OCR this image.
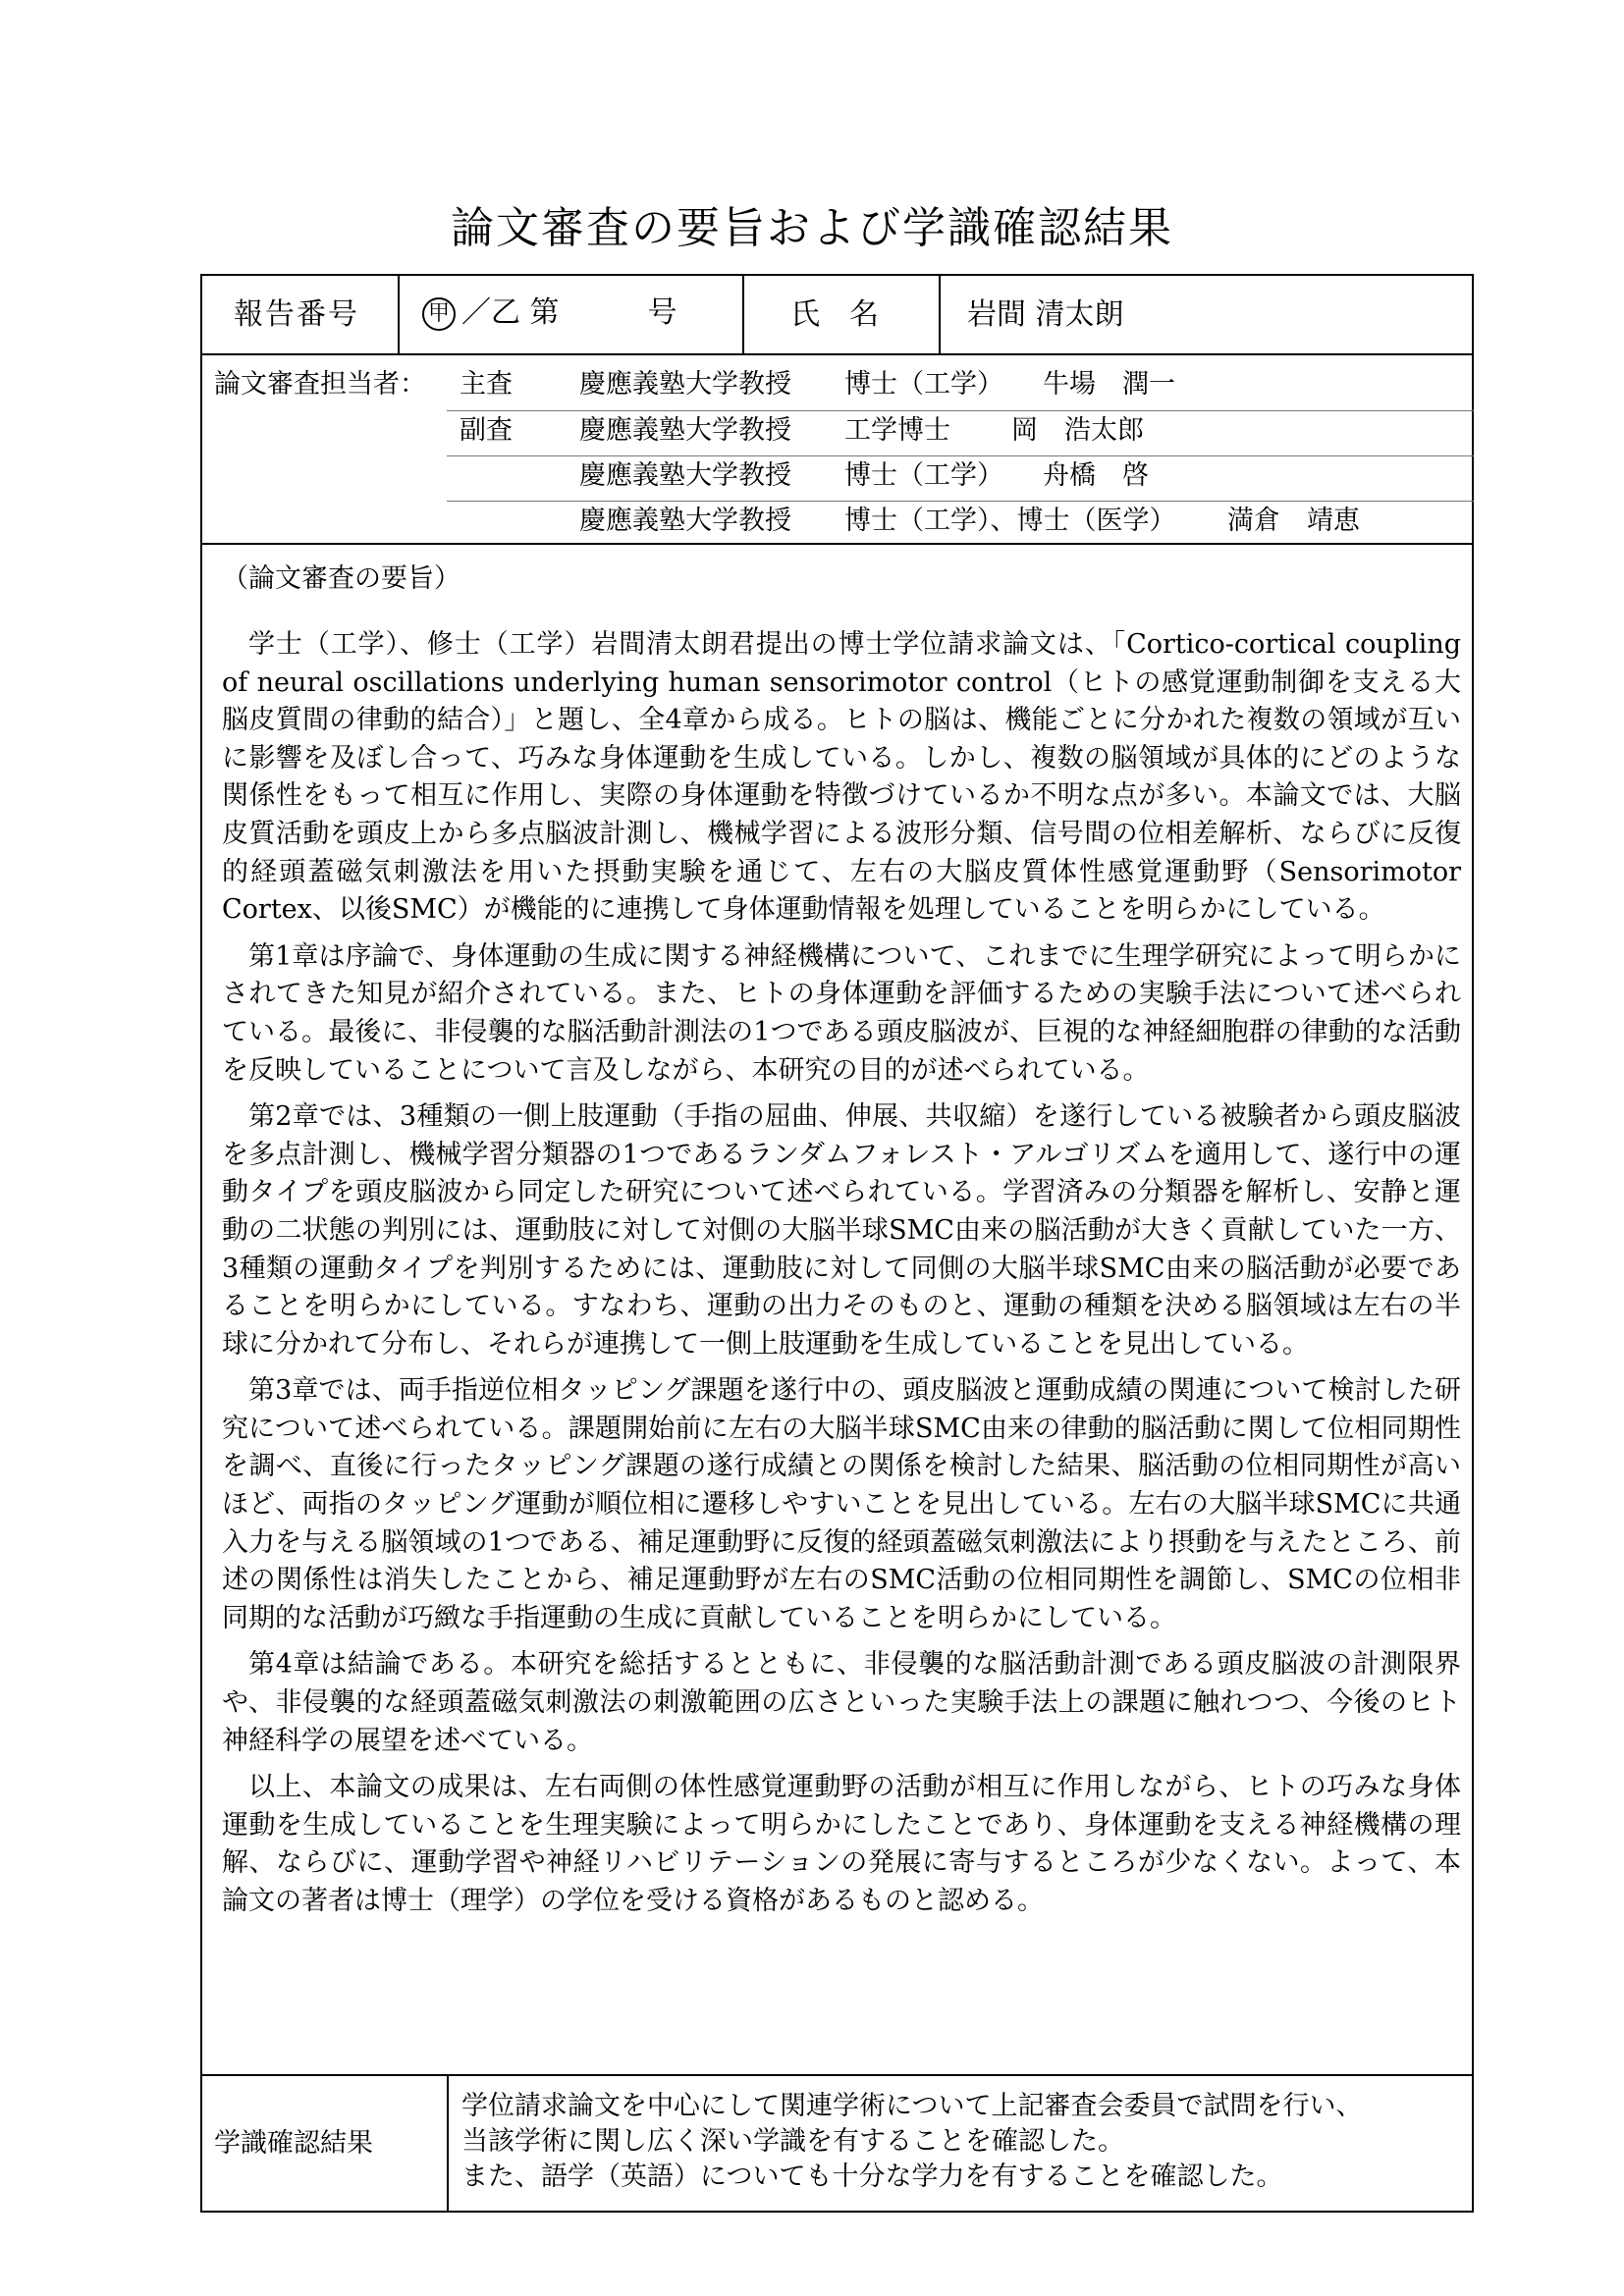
論文審査の要旨および学識確認結果
報告番号	甲 ／乙 第　　　号	氏　名	岩間 清太朗
論文審査担当者： 主査	慶應義塾大学教授 博士（工学） 牛場　潤一
副査	慶應義塾大学教授 工学博士 岡　浩太郎
慶應義塾大学教授 博士（工学） 舟橋　啓
慶應義塾大学教授 博士（工学）、博士（医学） 満倉　靖恵
（論文審査の要旨）

学士（工学）、修士（工学）岩間清太朗君提出の博士学位請求論文は、「Cortico-cortical coupling of neural oscillations underlying human sensorimotor control（ヒトの感覚運動制御を支える大脳皮質間の律動的結合）」と題し、全4章から成る。ヒトの脳は、機能ごとに分かれた複数の領域が互いに影響を及ぼし合って、巧みな身体運動を生成している。しかし、複数の脳領域が具体的にどのような関係性をもって相互に作用し、実際の身体運動を特徴づけているか不明な点が多い。本論文では、大脳皮質活動を頭皮上から多点脳波計測し、機械学習による波形分類、信号間の位相差解析、ならびに反復的経頭蓋磁気刺激法を用いた摂動実験を通じて、左右の大脳皮質体性感覚運動野（Sensorimotor Cortex、以後SMC）が機能的に連携して身体運動情報を処理していることを明らかにしている。

第1章は序論で、身体運動の生成に関する神経機構について、これまでに生理学研究によって明らかにされてきた知見が紹介されている。また、ヒトの身体運動を評価するための実験手法について述べられている。最後に、非侵襲的な脳活動計測法の1つである頭皮脳波が、巨視的な神経細胞群の律動的な活動を反映していることについて言及しながら、本研究の目的が述べられている。

第2章では、3種類の一側上肢運動（手指の屈曲、伸展、共収縮）を遂行している被験者から頭皮脳波を多点計測し、機械学習分類器の1つであるランダムフォレスト・アルゴリズムを適用して、遂行中の運動タイプを頭皮脳波から同定した研究について述べられている。学習済みの分類器を解析し、安静と運動の二状態の判別には、運動肢に対して対側の大脳半球SMC由来の脳活動が大きく貢献していた一方、3種類の運動タイプを判別するためには、運動肢に対して同側の大脳半球SMC由来の脳活動が必要であることを明らかにしている。すなわち、運動の出力そのものと、運動の種類を決める脳領域は左右の半球に分かれて分布し、それらが連携して一側上肢運動を生成していることを見出している。

第3章では、両手指逆位相タッピング課題を遂行中の、頭皮脳波と運動成績の関連について検討した研究について述べられている。課題開始前に左右の大脳半球SMC由来の律動的脳活動に関して位相同期性を調べ、直後に行ったタッピング課題の遂行成績との関係を検討した結果、脳活動の位相同期性が高いほど、両指のタッピング運動が順位相に遷移しやすいことを見出している。左右の大脳半球SMCに共通入力を与える脳領域の1つである、補足運動野に反復的経頭蓋磁気刺激法により摂動を与えたところ、前述の関係性は消失したことから、補足運動野が左右のSMC活動の位相同期性を調節し、SMCの位相非同期的な活動が巧緻な手指運動の生成に貢献していることを明らかにしている。

第4章は結論である。本研究を総括するとともに、非侵襲的な脳活動計測である頭皮脳波の計測限界や、非侵襲的な経頭蓋磁気刺激法の刺激範囲の広さといった実験手法上の課題に触れつつ、今後のヒト神経科学の展望を述べている。

以上、本論文の成果は、左右両側の体性感覚運動野の活動が相互に作用しながら、ヒトの巧みな身体運動を生成していることを生理実験によって明らかにしたことであり、身体運動を支える神経機構の理解、ならびに、運動学習や神経リハビリテーションの発展に寄与するところが少なくない。よって、本論文の著者は博士（理学）の学位を受ける資格があるものと認める。

学識確認結果
学位請求論文を中心にして関連学術について上記審査会委員で試問を行い、
当該学術に関し広く深い学識を有することを確認した。
また、語学（英語）についても十分な学力を有することを確認した。
